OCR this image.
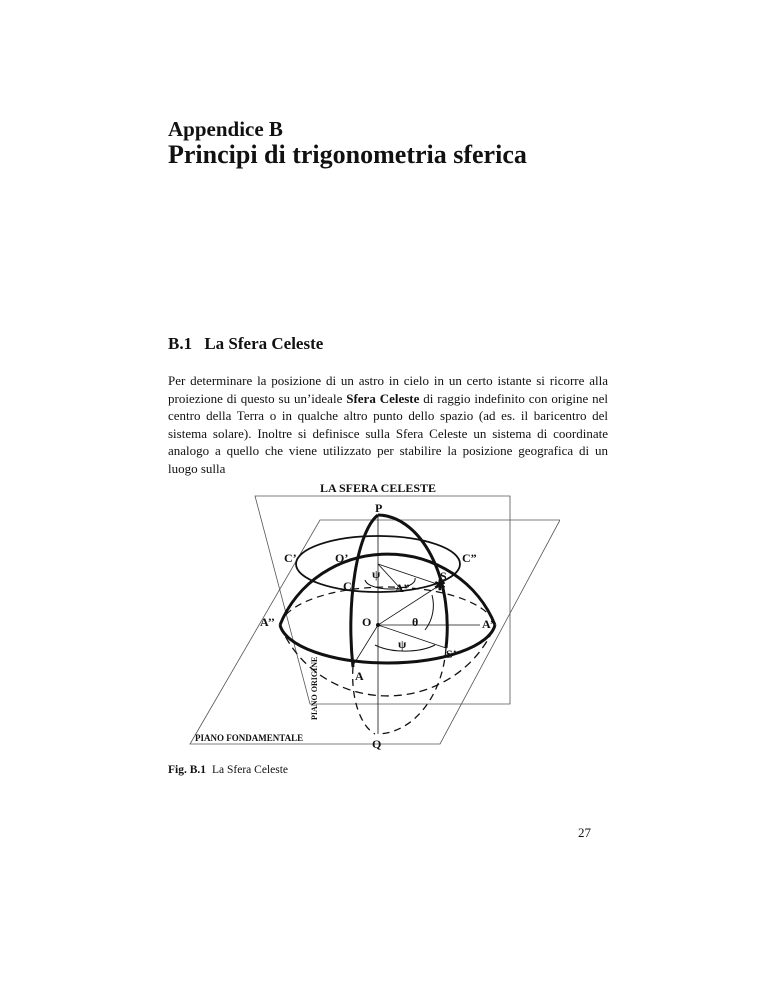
Appendice B
Principi di trigonometria sferica
B.1 La Sfera Celeste
Per determinare la posizione di un astro in cielo in un certo istante si ricorre alla proiezione di questo su un’ideale Sfera Celeste di raggio indefinito con origine nel centro della Terra o in qualche altro punto dello spazio (ad es. il baricentro del sistema solare). Inoltre si definisce sulla Sfera Celeste un sistema di coordinate analogo a quello che viene utilizzato per stabilire la posizione geografica di un luogo sulla
✱
LA SFERA CELESTE
P
C’	O’	C”
ψ	S
C	A”
A’’	O	θ	A’
ψ
S’
A
Q
PIANO ORIGINE
PIANO FONDAMENTALE
Fig. B.1 La Sfera Celeste
27
